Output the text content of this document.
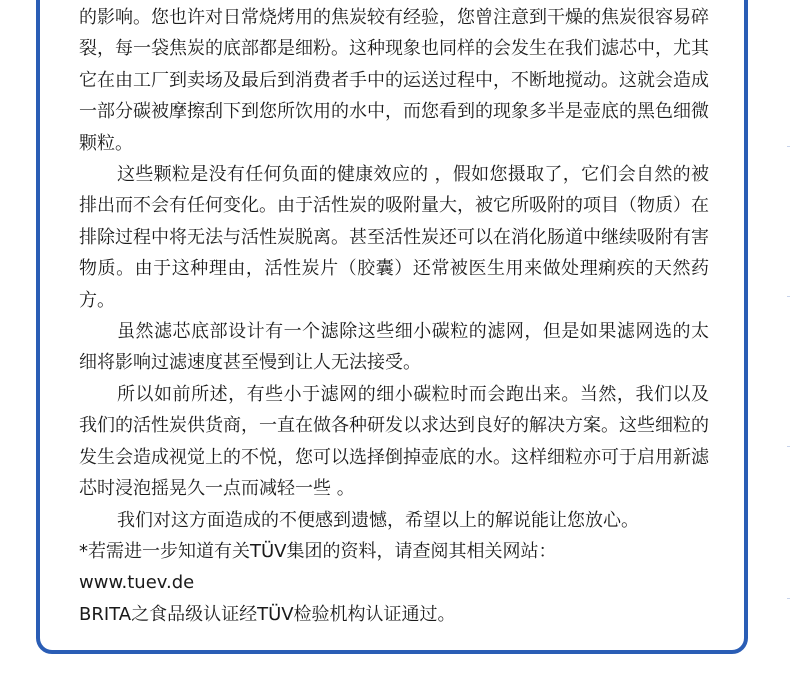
的影响。您也许对日常烧烤用的焦炭较有经验，您曾注意到干燥的焦炭很容易碎裂，每一袋焦炭的底部都是细粉。这种现象也同样的会发生在我们滤芯中，尤其它在由工厂到卖场及最后到消费者手中的运送过程中，不断地搅动。这就会造成一部分碳被摩擦刮下到您所饮用的水中，而您看到的现象多半是壶底的黑色细微颗粒。

这些颗粒是没有任何负面的健康效应的 ，假如您摄取了，它们会自然的被排出而不会有任何变化。由于活性炭的吸附量大，被它所吸附的项目（物质）在排除过程中将无法与活性炭脱离。甚至活性炭还可以在消化肠道中继续吸附有害物质。由于这种理由，活性炭片（胶囊）还常被医生用来做处理痢疾的天然药方。

虽然滤芯底部设计有一个滤除这些细小碳粒的滤网，但是如果滤网选的太细将影响过滤速度甚至慢到让人无法接受。

所以如前所述，有些小于滤网的细小碳粒时而会跑出来。当然，我们以及我们的活性炭供货商，一直在做各种研发以求达到良好的解决方案。这些细粒的发生会造成视觉上的不悦，您可以选择倒掉壶底的水。这样细粒亦可于启用新滤芯时浸泡摇晃久一点而减轻一些 。

我们对这方面造成的不便感到遗憾，希望以上的解说能让您放心。

*若需进一步知道有关TÜV集团的资料，请查阅其相关网站：

www.tuev.de

BRITA之食品级认证经TÜV检验机构认证通过。
